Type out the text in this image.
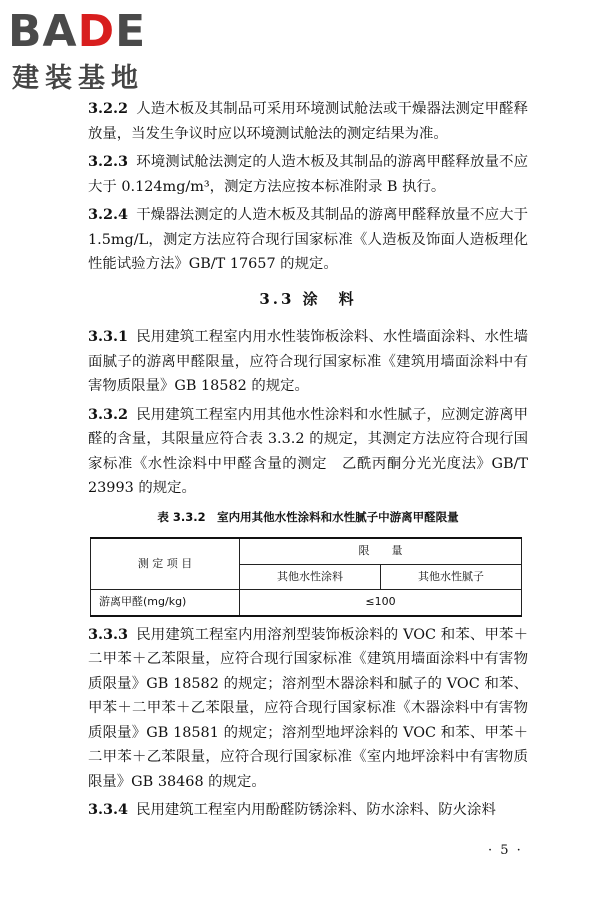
BADE
建装基地

3.2.2 人造木板及其制品可采用环境测试舱法或干燥器法测定甲醛释放量，当发生争议时应以环境测试舱法的测定结果为准。

3.2.3 环境测试舱法测定的人造木板及其制品的游离甲醛释放量不应大于 0.124mg/m³，测定方法应按本标准附录 B 执行。

3.2.4 干燥器法测定的人造木板及其制品的游离甲醛释放量不应大于 1.5mg/L，测定方法应符合现行国家标准《人造板及饰面人造板理化性能试验方法》GB/T 17657 的规定。

3.3 涂　料

3.3.1 民用建筑工程室内用水性装饰板涂料、水性墙面涂料、水性墙面腻子的游离甲醛限量，应符合现行国家标准《建筑用墙面涂料中有害物质限量》GB 18582 的规定。

3.3.2 民用建筑工程室内用其他水性涂料和水性腻子，应测定游离甲醛的含量，其限量应符合表 3.3.2 的规定，其测定方法应符合现行国家标准《水性涂料中甲醛含量的测定　乙酰丙酮分光光度法》GB/T 23993 的规定。

表 3.3.2　室内用其他水性涂料和水性腻子中游离甲醛限量
测 定 项 目	限　　量	
	其他水性涂料	其他水性腻子
游离甲醛(mg/kg)	≤100	

3.3.3 民用建筑工程室内用溶剂型装饰板涂料的 VOC 和苯、甲苯＋二甲苯＋乙苯限量，应符合现行国家标准《建筑用墙面涂料中有害物质限量》GB 18582 的规定；溶剂型木器涂料和腻子的 VOC 和苯、甲苯＋二甲苯＋乙苯限量，应符合现行国家标准《木器涂料中有害物质限量》GB 18581 的规定；溶剂型地坪涂料的 VOC 和苯、甲苯＋二甲苯＋乙苯限量，应符合现行国家标准《室内地坪涂料中有害物质限量》GB 38468 的规定。

3.3.4 民用建筑工程室内用酚醛防锈涂料、防水涂料、防火涂料

· 5 ·
